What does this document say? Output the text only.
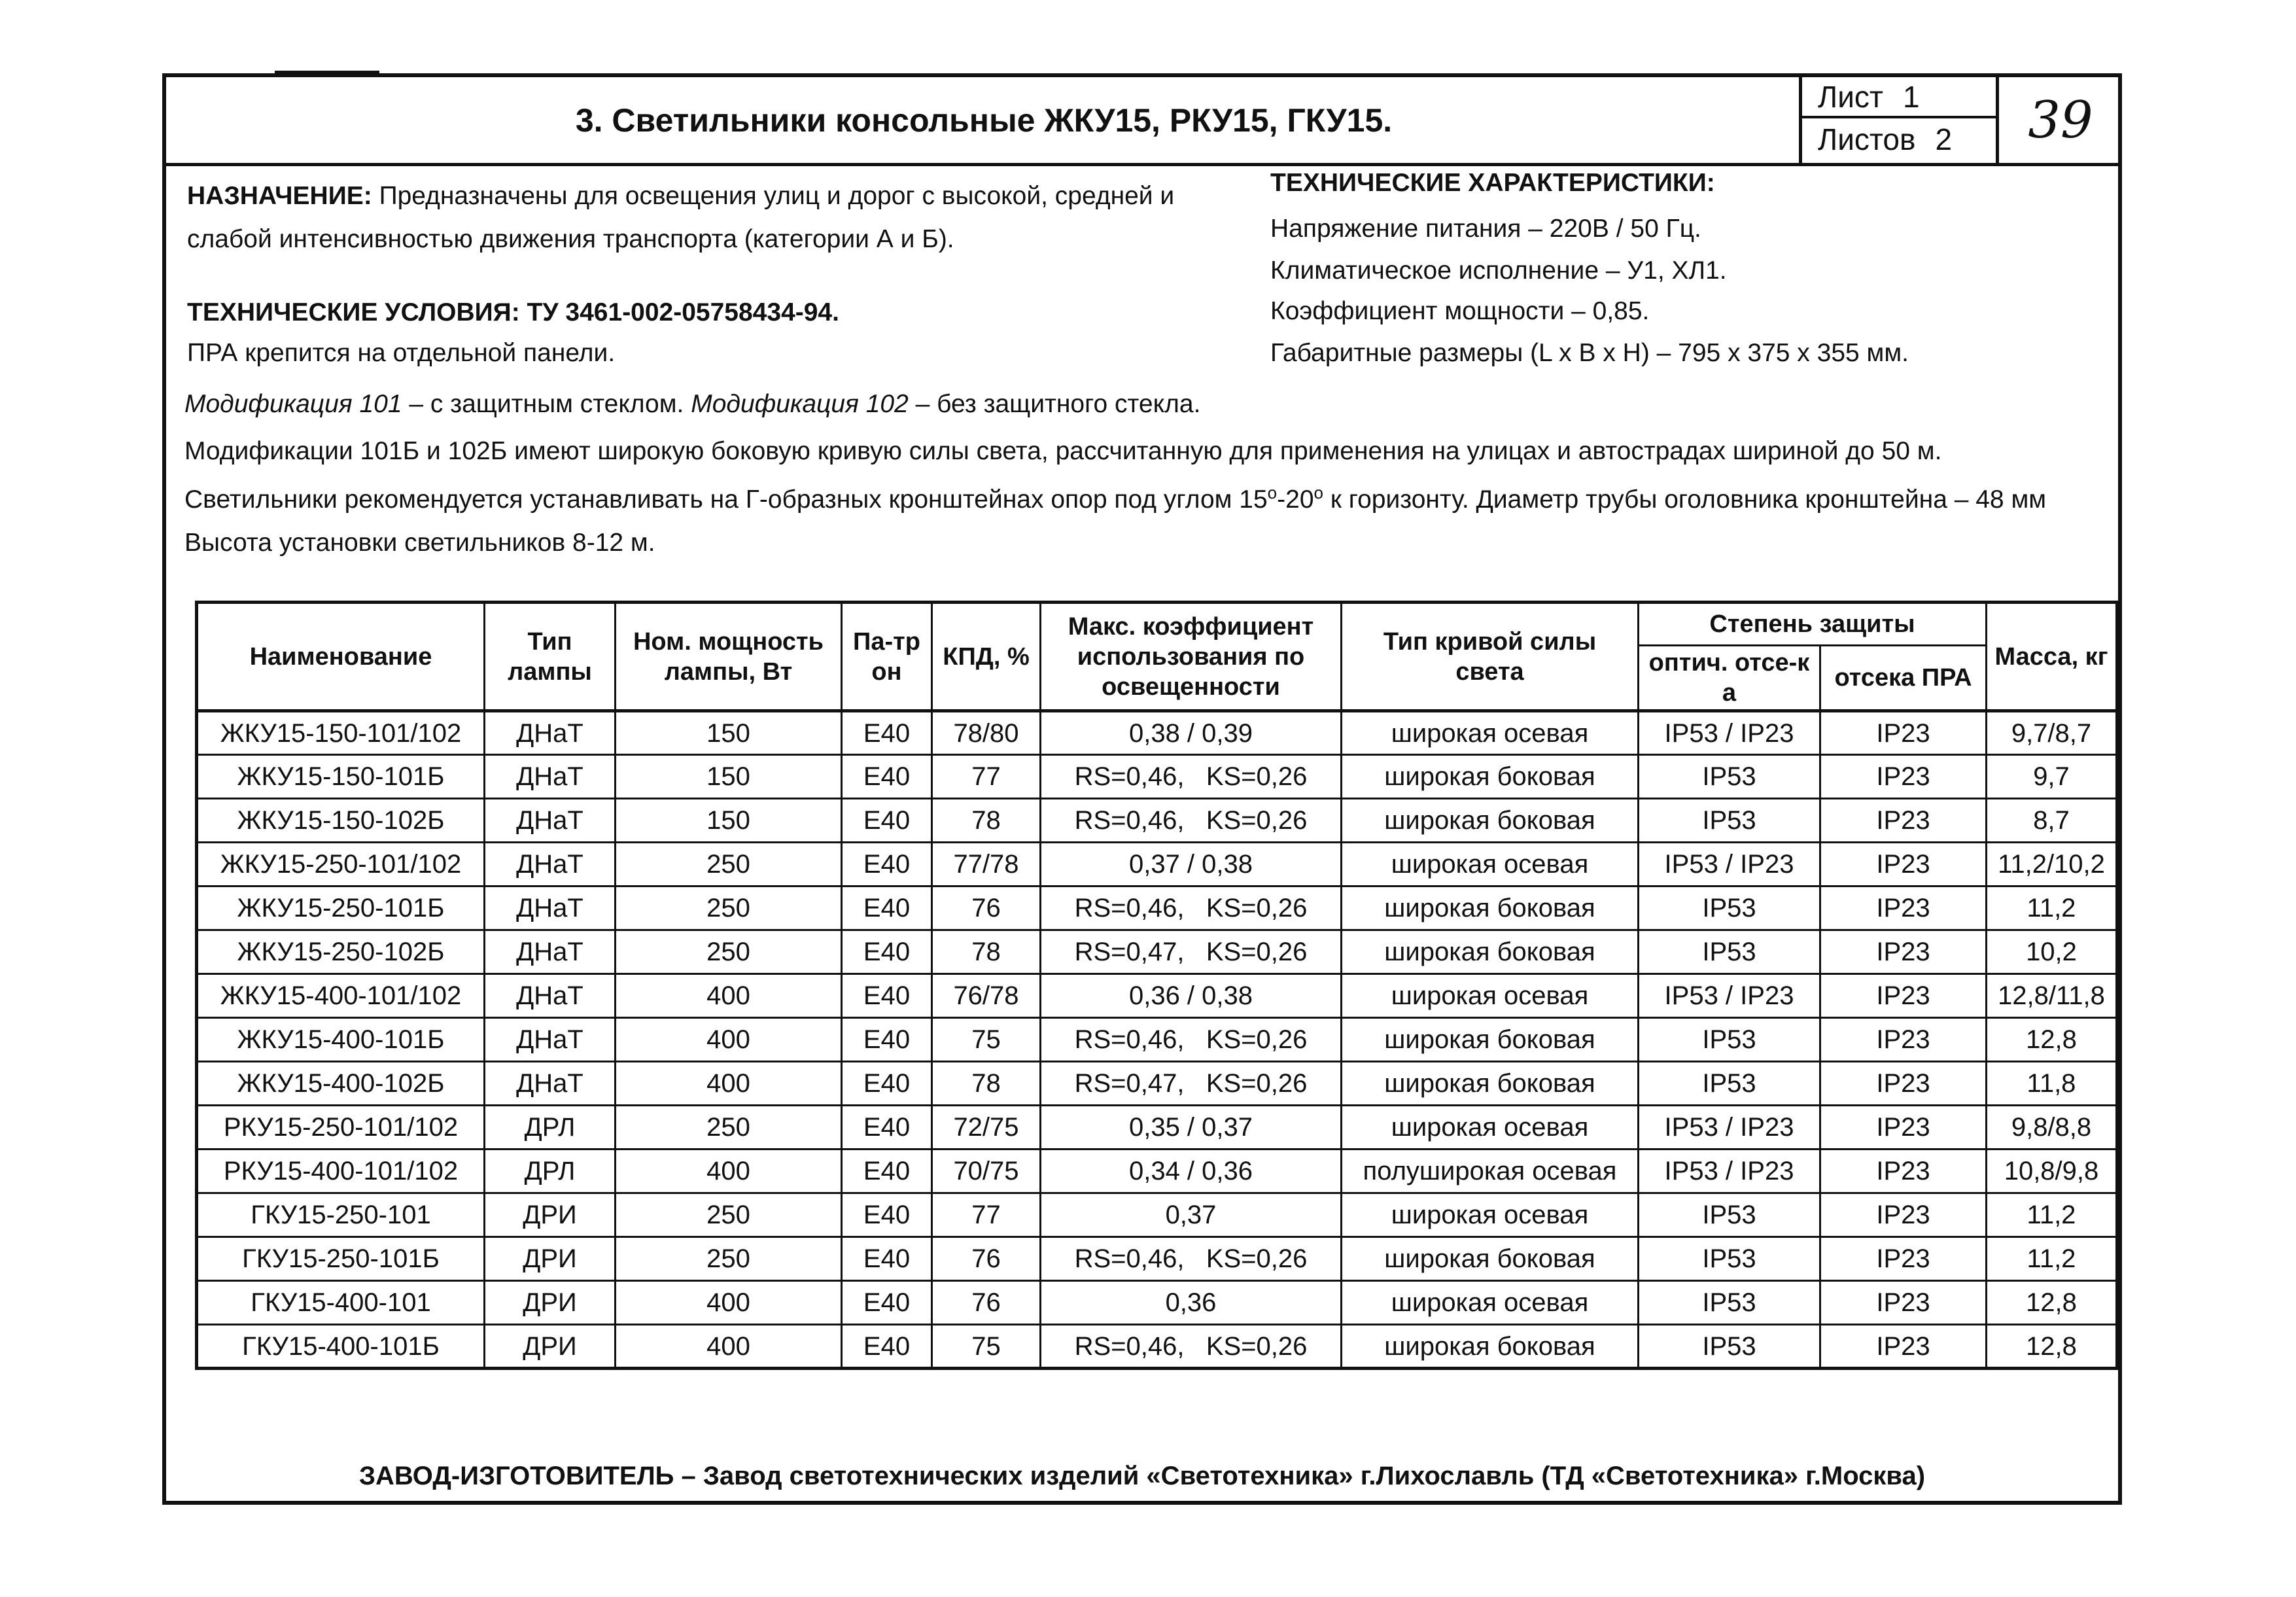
3. Светильники консольные ЖКУ15, РКУ15, ГКУ15.
Лист 1
Листов 2	39
НАЗНАЧЕНИЕ: Предназначены для освещения улиц и дорог с высокой, средней и
слабой интенсивностью движения транспорта (категории А и Б).
ТЕХНИЧЕСКИЕ УСЛОВИЯ: ТУ 3461-002-05758434-94.
ПРА крепится на отдельной панели.
ТЕХНИЧЕСКИЕ ХАРАКТЕРИСТИКИ:
Напряжение питания – 220В / 50 Гц.
Климатическое исполнение – У1, ХЛ1.
Коэффициент мощности – 0,85.
Габаритные размеры (L x B x H) – 795 x 375 x 355 мм.
Модификация 101 – с защитным стеклом. Модификация 102 – без защитного стекла.
Модификации 101Б и 102Б имеют широкую боковую кривую силы света, рассчитанную для применения на улицах и автострадах шириной до 50 м.
Светильники рекомендуется устанавливать на Г-образных кронштейнах опор под углом $15^о-20^о$ к горизонту. Диаметр трубы оголовника кронштейна – 48 мм
Высота установки светильников 8-12 м.
Наименование	Тип лампы	Ном. мощность лампы, Вт	Па-трон	КПД, %	Макс. коэффициент использования по освещенности	Тип кривой силы света	Степень защиты		Масса, кг
							оптич. отсе-ка	отсека ПРА	
ЖКУ15-150-101/102	ДНаТ	150	Е40	78/80	0,38 / 0,39	широкая осевая	IP53 / IP23	IP23	9,7/8,7
ЖКУ15-150-101Б	ДНаТ	150	Е40	77	RS=0,46,   KS=0,26	широкая боковая	IP53	IP23	9,7
ЖКУ15-150-102Б	ДНаТ	150	Е40	78	RS=0,46,   KS=0,26	широкая боковая	IP53	IP23	8,7
ЖКУ15-250-101/102	ДНаТ	250	Е40	77/78	0,37 / 0,38	широкая осевая	IP53 / IP23	IP23	11,2/10,2
ЖКУ15-250-101Б	ДНаТ	250	Е40	76	RS=0,46,   KS=0,26	широкая боковая	IP53	IP23	11,2
ЖКУ15-250-102Б	ДНаТ	250	Е40	78	RS=0,47,   KS=0,26	широкая боковая	IP53	IP23	10,2
ЖКУ15-400-101/102	ДНаТ	400	Е40	76/78	0,36 / 0,38	широкая осевая	IP53 / IP23	IP23	12,8/11,8
ЖКУ15-400-101Б	ДНаТ	400	Е40	75	RS=0,46,   KS=0,26	широкая боковая	IP53	IP23	12,8
ЖКУ15-400-102Б	ДНаТ	400	Е40	78	RS=0,47,   KS=0,26	широкая боковая	IP53	IP23	11,8
РКУ15-250-101/102	ДРЛ	250	Е40	72/75	0,35 / 0,37	широкая осевая	IP53 / IP23	IP23	9,8/8,8
РКУ15-400-101/102	ДРЛ	400	Е40	70/75	0,34 / 0,36	полуширокая осевая	IP53 / IP23	IP23	10,8/9,8
ГКУ15-250-101	ДРИ	250	Е40	77	0,37	широкая осевая	IP53	IP23	11,2
ГКУ15-250-101Б	ДРИ	250	Е40	76	RS=0,46,   KS=0,26	широкая боковая	IP53	IP23	11,2
ГКУ15-400-101	ДРИ	400	Е40	76	0,36	широкая осевая	IP53	IP23	12,8
ГКУ15-400-101Б	ДРИ	400	Е40	75	RS=0,46,   KS=0,26	широкая боковая	IP53	IP23	12,8
ЗАВОД-ИЗГОТОВИТЕЛЬ – Завод светотехнических изделий «Светотехника» г.Лихославль (ТД «Светотехника» г.Москва)
